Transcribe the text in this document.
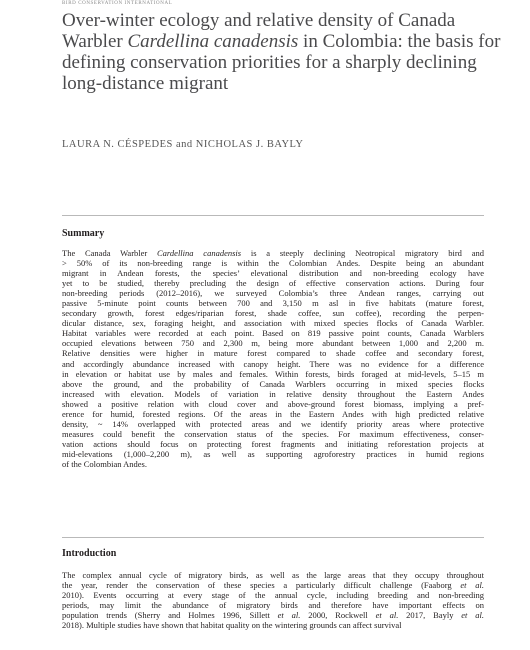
BIRD CONSERVATION INTERNATIONAL
Over-winter ecology and relative density of Canada Warbler Cardellina canadensis in Colombia: the basis for defining conservation priorities for a sharply declining long-distance migrant
LAURA N. CÉSPEDES and NICHOLAS J. BAYLY
Summary
The Canada Warbler Cardellina canadensis is a steeply declining Neotropical migratory bird and
> 50% of its non-breeding range is within the Colombian Andes. Despite being an abundant
migrant in Andean forests, the species’ elevational distribution and non-breeding ecology have
yet to be studied, thereby precluding the design of effective conservation actions. During four
non-breeding periods (2012–2016), we surveyed Colombia’s three Andean ranges, carrying out
passive 5-minute point counts between 700 and 3,150 m asl in five habitats (mature forest,
secondary growth, forest edges/riparian forest, shade coffee, sun coffee), recording the perpen-
dicular distance, sex, foraging height, and association with mixed species flocks of Canada Warbler.
Habitat variables were recorded at each point. Based on 819 passive point counts, Canada Warblers
occupied elevations between 750 and 2,300 m, being more abundant between 1,000 and 2,200 m.
Relative densities were higher in mature forest compared to shade coffee and secondary forest,
and accordingly abundance increased with canopy height. There was no evidence for a difference
in elevation or habitat use by males and females. Within forests, birds foraged at mid-levels, 5–15 m
above the ground, and the probability of Canada Warblers occurring in mixed species flocks
increased with elevation. Models of variation in relative density throughout the Eastern Andes
showed a positive relation with cloud cover and above-ground forest biomass, implying a pref-
erence for humid, forested regions. Of the areas in the Eastern Andes with high predicted relative
density, ~ 14% overlapped with protected areas and we identify priority areas where protective
measures could benefit the conservation status of the species. For maximum effectiveness, conser-
vation actions should focus on protecting forest fragments and initiating reforestation projects at
mid-elevations (1,000–2,200 m), as well as supporting agroforestry practices in humid regions
of the Colombian Andes.
Introduction
The complex annual cycle of migratory birds, as well as the large areas that they occupy throughout
the year, render the conservation of these species a particularly difficult challenge (Faaborg et al.
2010). Events occurring at every stage of the annual cycle, including breeding and non-breeding
periods, may limit the abundance of migratory birds and therefore have important effects on
population trends (Sherry and Holmes 1996, Sillett et al. 2000, Rockwell et al. 2017, Bayly et al.
2018). Multiple studies have shown that habitat quality on the wintering grounds can affect survival
